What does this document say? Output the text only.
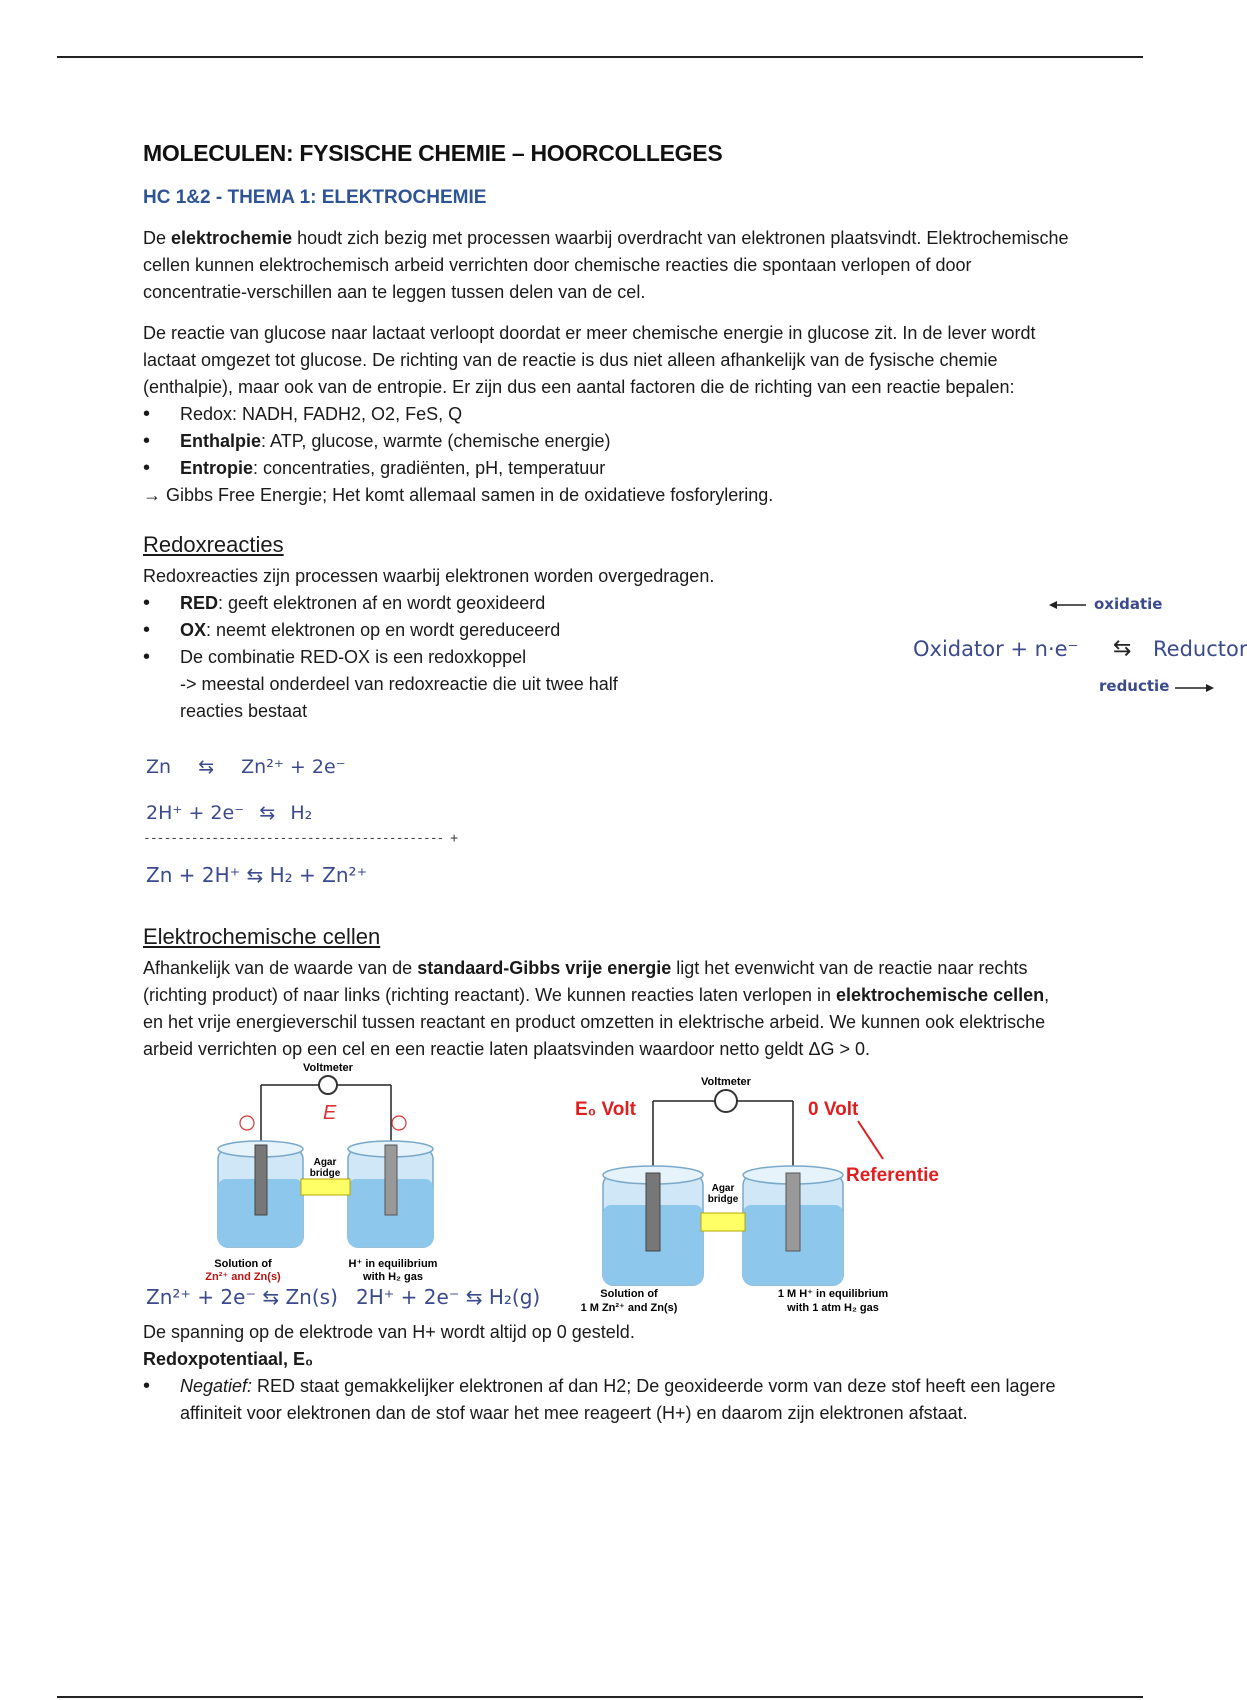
MOLECULEN: FYSISCHE CHEMIE – HOORCOLLEGES
HC 1&2 - THEMA 1: ELEKTROCHEMIE

De elektrochemie houdt zich bezig met processen waarbij overdracht van elektronen plaatsvindt. Elektrochemische cellen kunnen elektrochemisch arbeid verrichten door chemische reacties die spontaan verlopen of door concentratie-verschillen aan te leggen tussen delen van de cel.

De reactie van glucose naar lactaat verloopt doordat er meer chemische energie in glucose zit. In de lever wordt lactaat omgezet tot glucose. De richting van de reactie is dus niet alleen afhankelijk van de fysische chemie (enthalpie), maar ook van de entropie. Er zijn dus een aantal factoren die de richting van een reactie bepalen:

• Redox: NADH, FADH2, O2, FeS, Q
• Enthalpie: ATP, glucose, warmte (chemische energie)
• Entropie: concentraties, gradiënten, pH, temperatuur
→ Gibbs Free Energie; Het komt allemaal samen in de oxidatieve fosforylering.
Redoxreacties
Redoxreacties zijn processen waarbij elektronen worden overgedragen.
• RED: geeft elektronen af en wordt geoxideerd
• OX: neemt elektronen op en wordt gereduceerd
• De combinatie RED-OX is een redoxkoppel
-> meestal onderdeel van redoxreactie die uit twee half reacties bestaat
Zn ⇆ Zn²⁺ + 2e⁻
2H⁺ + 2e⁻ ⇆ H₂
-------------------------------------------- +
Zn + 2H⁺ ⇆ H₂ + Zn²⁺
oxidatie
Oxidator + n·e⁻ ⇆ Reductor
reductie
Elektrochemische cellen

Afhankelijk van de waarde van de standaard-Gibbs vrije energie ligt het evenwicht van de reactie naar rechts (richting product) of naar links (richting reactant). We kunnen reacties laten verlopen in elektrochemische cellen, en het vrije energieverschil tussen reactant en product omzetten in elektrische arbeid. We kunnen ook elektrische arbeid verrichten op een cel en een reactie laten plaatsvinden waardoor netto geldt ΔG > 0.

Voltmeter
E
Agar
bridge
Solution of
Zn²⁺ and Zn(s)
H⁺ in equilibrium
with H₂ gas
Voltmeter
E₀ Volt	0 Volt
Referentie
Agar
bridge
Solution of
1 M Zn²⁺ and Zn(s)
1 M H⁺ in equilibrium
with 1 atm H₂ gas
Zn²⁺ + 2e⁻ ⇆ Zn(s) 2H⁺ + 2e⁻ ⇆ H₂(g)
De spanning op de elektrode van H+ wordt altijd op 0 gesteld.
Redoxpotentiaal, E₀
• Negatief: RED staat gemakkelijker elektronen af dan H2; De geoxideerde vorm van deze stof heeft een lagere affiniteit voor elektronen dan de stof waar het mee reageert (H+) en daarom zijn elektronen afstaat.
